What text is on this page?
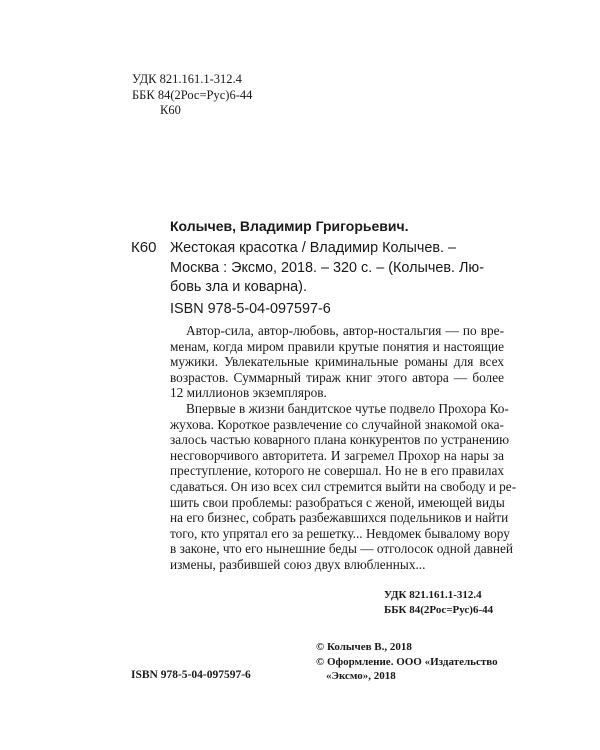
УДК 821.161.1-312.4
ББК 84(2Рос=Рус)6-44
К60
Колычев, Владимир Григорьевич.
К60 Жестокая красотка / Владимир Колычев. –
Москва : Эксмо, 2018. – 320 с. – (Колычев. Лю-
бовь зла и коварна).
ISBN 978-5-04-097597-6

Автор-сила, автор-любовь, автор-ностальгия — по вре-
менам, когда миром правили крутые понятия и настоящие
мужики. Увлекательные криминальные романы для всех
возрастов. Суммарный тираж книг этого автора — более
12 миллионов экземпляров.

Впервые в жизни бандитское чутье подвело Прохора Ко-
жухова. Короткое развлечение со случайной знакомой ока-
залось частью коварного плана конкурентов по устранению
несговорчивого авторитета. И загремел Прохор на нары за
преступление, которого не совершал. Но не в его правилах
сдаваться. Он изо всех сил стремится выйти на свободу и ре-
шить свои проблемы: разобраться с женой, имеющей виды
на его бизнес, собрать разбежавшихся подельников и найти
того, кто упрятал его за решетку... Невдомек бывалому вору
в законе, что его нынешние беды — отголосок одной давней
измены, разбившей союз двух влюбленных...

УДК 821.161.1-312.4
ББК 84(2Рос=Рус)6-44
© Колычев В., 2018
© Оформление. ООО «Издательство
«Эксмо», 2018
ISBN 978-5-04-097597-6
